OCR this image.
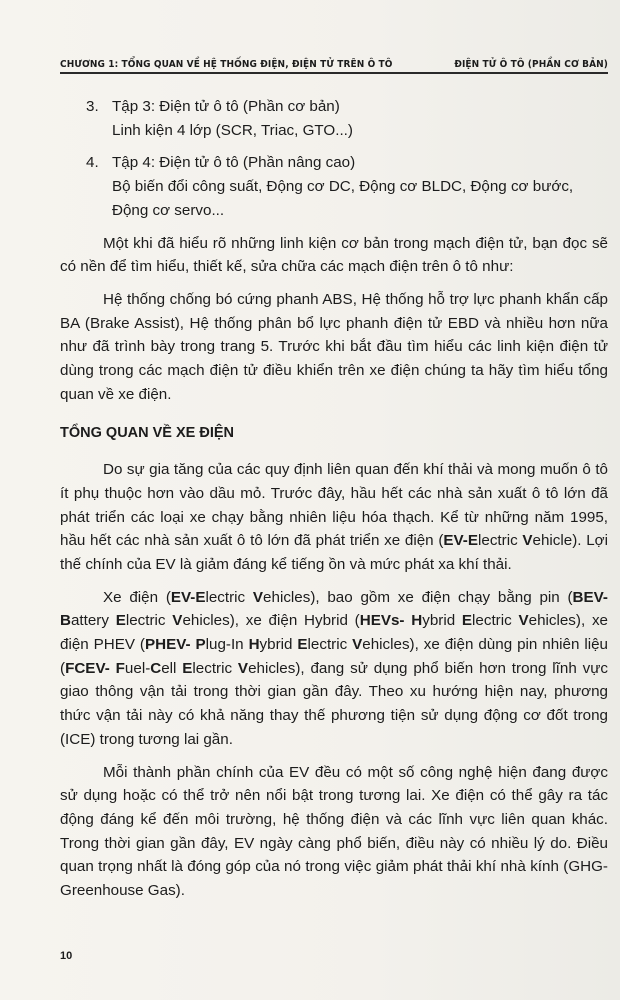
CHƯƠNG 1: TỔNG QUAN VỀ HỆ THỐNG ĐIỆN, ĐIỆN TỬ TRÊN Ô TÔ	ĐIỆN TỬ Ô TÔ (PHẦN CƠ BẢN)

3. Tập 3: Điện tử ô tô (Phần cơ bản)

Linh kiện 4 lớp (SCR, Triac, GTO...)

4. Tập 4: Điện tử ô tô (Phần nâng cao)

Bộ biến đổi công suất, Động cơ DC, Động cơ BLDC, Động cơ bước, Động cơ servo...

Một khi đã hiểu rõ những linh kiện cơ bản trong mạch điện tử, bạn đọc sẽ có nền để tìm hiểu, thiết kế, sửa chữa các mạch điện trên ô tô như:

Hệ thống chống bó cứng phanh ABS, Hệ thống hỗ trợ lực phanh khẩn cấp BA (Brake Assist), Hệ thống phân bổ lực phanh điện tử EBD và nhiều hơn nữa như đã trình bày trong trang 5. Trước khi bắt đầu tìm hiểu các linh kiện điện tử dùng trong các mạch điện tử điều khiển trên xe điện chúng ta hãy tìm hiểu tổng quan về xe điện.

TỔNG QUAN VỀ XE ĐIỆN

Do sự gia tăng của các quy định liên quan đến khí thải và mong muốn ô tô ít phụ thuộc hơn vào dầu mỏ. Trước đây, hầu hết các nhà sản xuất ô tô lớn đã phát triển các loại xe chạy bằng nhiên liệu hóa thạch. Kể từ những năm 1995, hầu hết các nhà sản xuất ô tô lớn đã phát triển xe điện (EV-Electric Vehicle). Lợi thế chính của EV là giảm đáng kể tiếng ồn và mức phát xa khí thải.

Xe điện (EV-Electric Vehicles), bao gồm xe điện chạy bằng pin (BEV- Battery Electric Vehicles), xe điện Hybrid (HEVs- Hybrid Electric Vehicles), xe điện PHEV (PHEV- Plug-In Hybrid Electric Vehicles), xe điện dùng pin nhiên liệu (FCEV- Fuel-Cell Electric Vehicles), đang sử dụng phổ biến hơn trong lĩnh vực giao thông vận tải trong thời gian gần đây. Theo xu hướng hiện nay, phương thức vận tải này có khả năng thay thế phương tiện sử dụng động cơ đốt trong (ICE) trong tương lai gần.

Mỗi thành phần chính của EV đều có một số công nghệ hiện đang được sử dụng hoặc có thể trở nên nổi bật trong tương lai. Xe điện có thể gây ra tác động đáng kể đến môi trường, hệ thống điện và các lĩnh vực liên quan khác. Trong thời gian gần đây, EV ngày càng phổ biến, điều này có nhiều lý do. Điều quan trọng nhất là đóng góp của nó trong việc giảm phát thải khí nhà kính (GHG-Greenhouse Gas).

10
